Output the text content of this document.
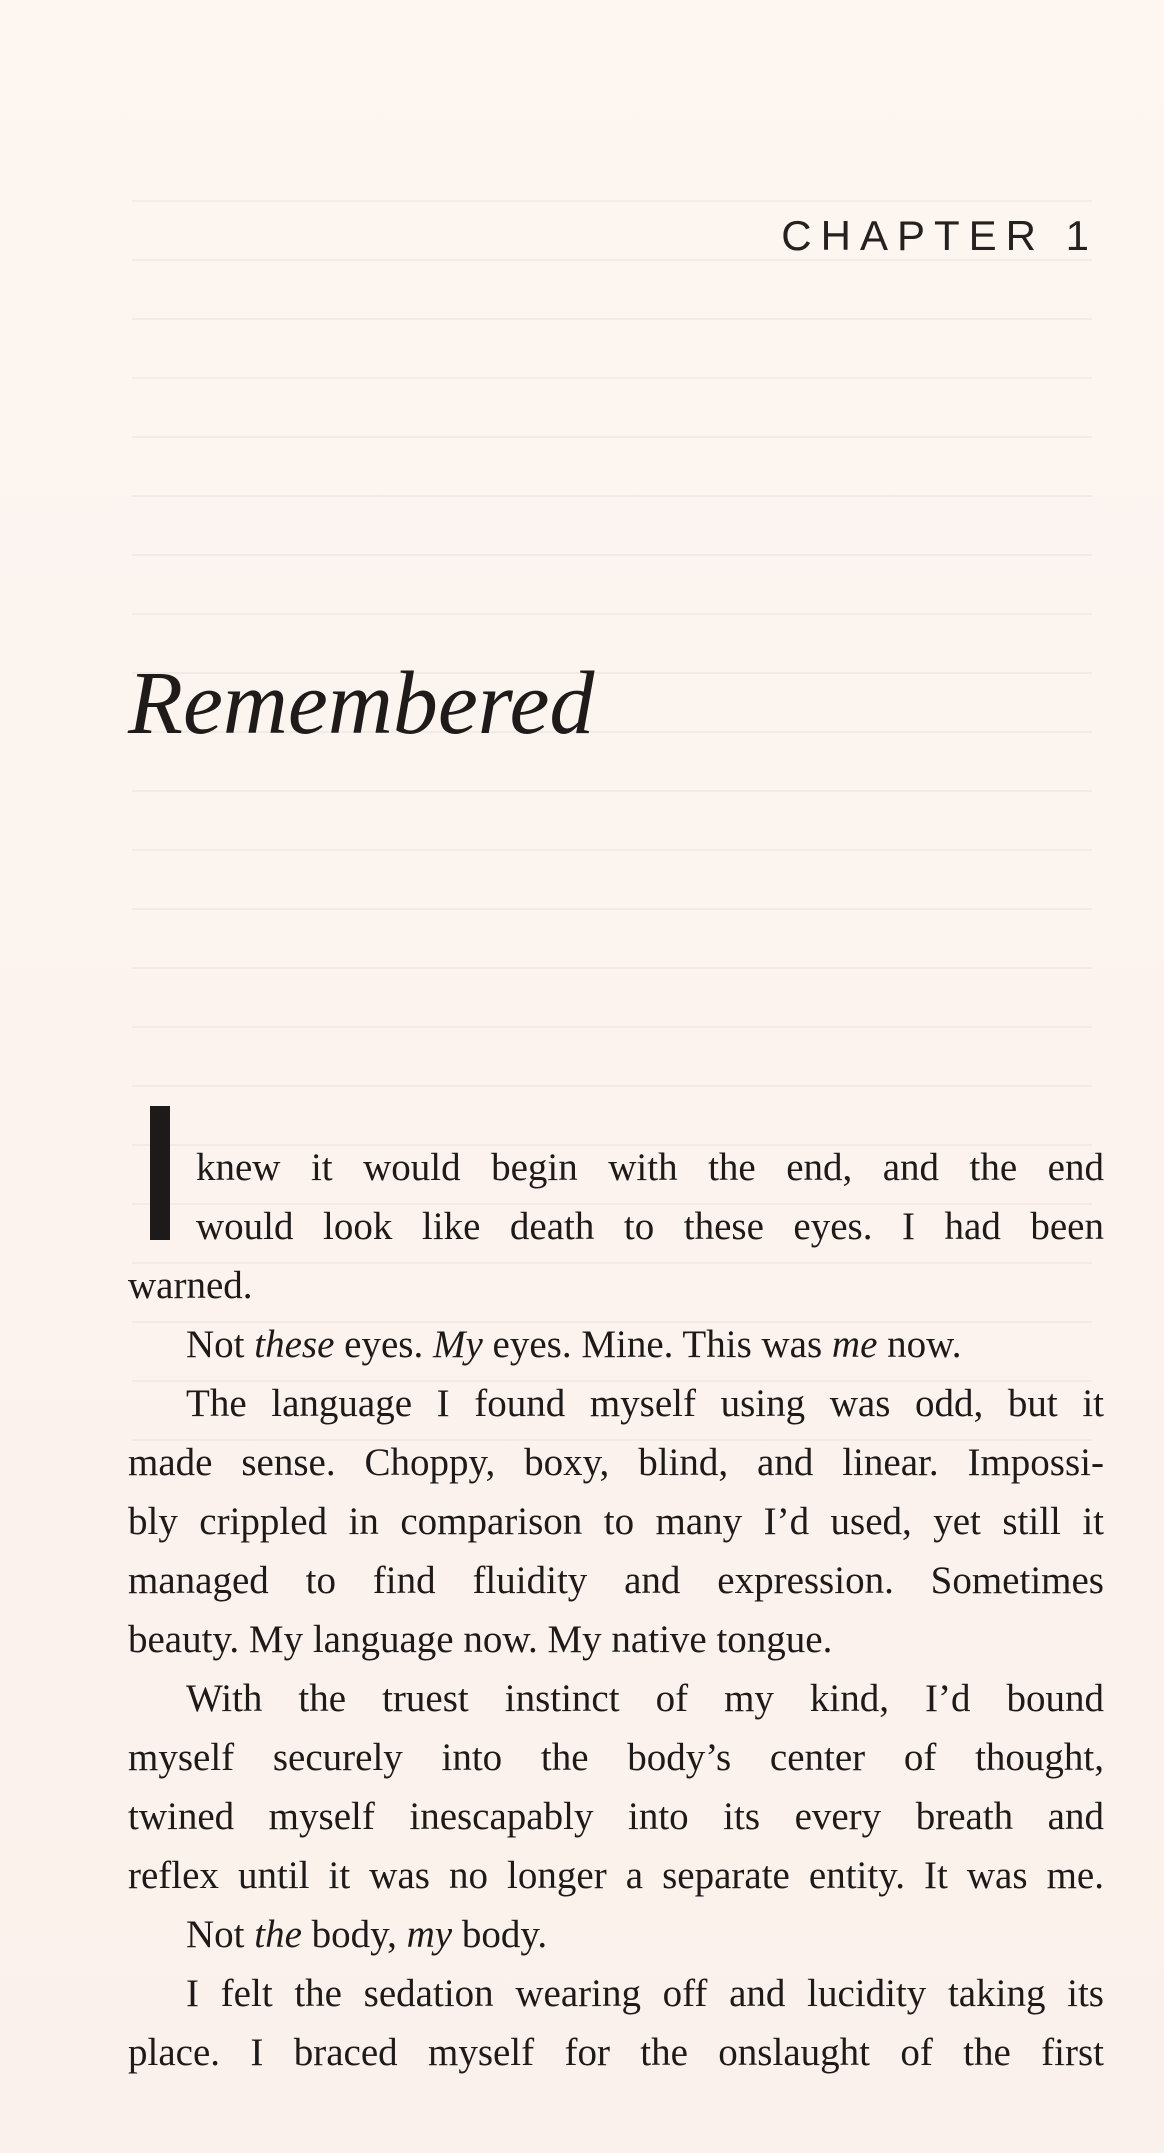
CHAPTER 1
Remembered
knew it would begin with the end, and the end
would look like death to these eyes. I had been
warned.
Not these eyes. My eyes. Mine. This was me now.
The language I found myself using was odd, but it
made sense. Choppy, boxy, blind, and linear. Impossi-
bly crippled in comparison to many I’d used, yet still it
managed to find fluidity and expression. Sometimes
beauty. My language now. My native tongue.
With the truest instinct of my kind, I’d bound
myself securely into the body’s center of thought,
twined myself inescapably into its every breath and
reflex until it was no longer a separate entity. It was me.
Not the body, my body.
I felt the sedation wearing off and lucidity taking its
place. I braced myself for the onslaught of the first
